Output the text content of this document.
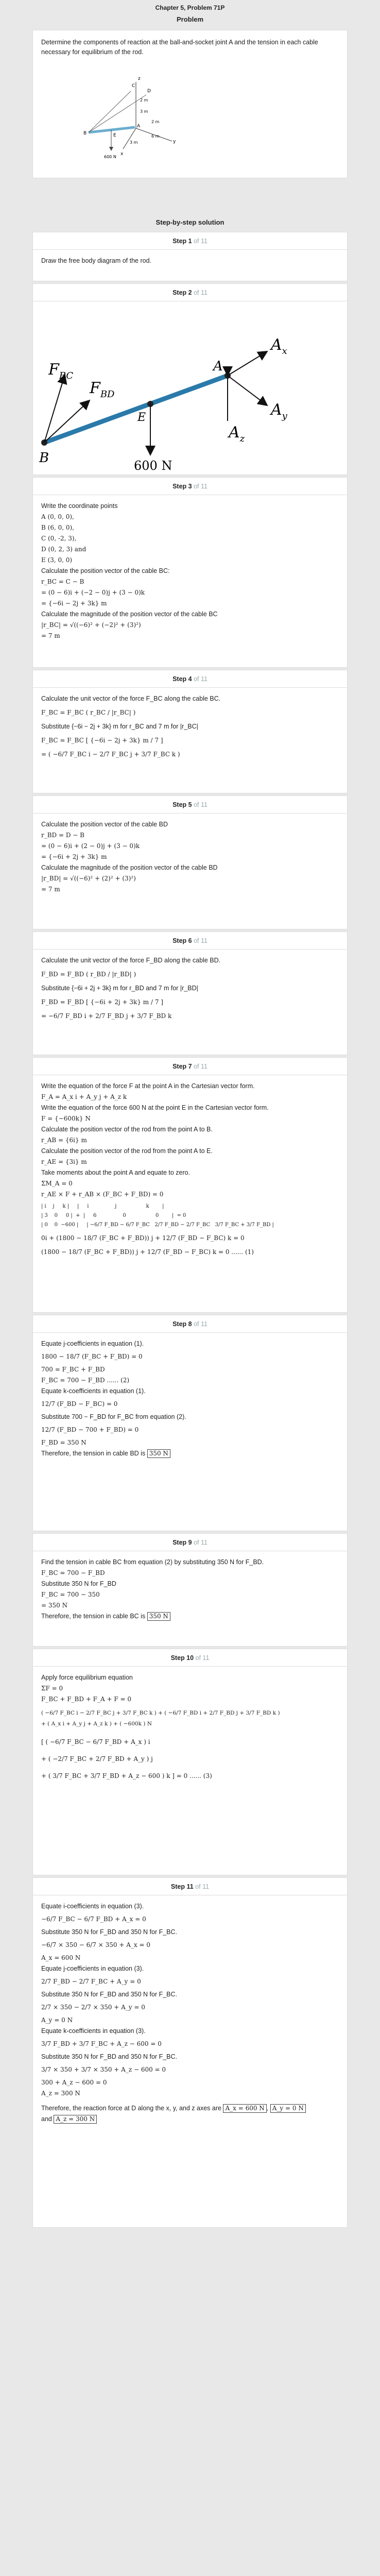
Chapter 5, Problem 71P
Problem

Determine the components of reaction at the ball-and-socket joint A and the tension in each cable necessary for equilibrium of the rod.

C
D
z
y
x
A
B	E
2 m
3 m
6 m
3 m
2 m
600 N
Step-by-step solution
Step 1 of 11

Draw the free body diagram of the rod.

Step 2 of 11
$F_{BC}$
$F_{BD}$
$A_x$
$A_y$
$A_z$
A
B
E
600 N
Step 3 of 11

Write the coordinate points

A (0, 0, 0),

B (6, 0, 0),

C (0, -2, 3),

D (0, 2, 3) and

E (3, 0, 0)

Calculate the position vector of the cable BC:

r_BC = C − B

= (0 − 6)i + (−2 − 0)j + (3 − 0)k

= {−6i − 2j + 3k} m

Calculate the magnitude of the position vector of the cable BC

|r_BC| = √((−6)² + (−2)² + (3)²)

= 7 m

Step 4 of 11

Calculate the unit vector of the force F_BC along the cable BC.

F_BC = F_BC ( r_BC / |r_BC| )

Substitute {−6i − 2j + 3k} m for r_BC and 7 m for |r_BC|

F_BC = F_BC [ {−6i − 2j + 3k} m / 7 ]

= ( −6/7 F_BC i − 2/7 F_BC j + 3/7 F_BC k )

Step 5 of 11

Calculate the position vector of the cable BD

r_BD = D − B

= (0 − 6)i + (2 − 0)j + (3 − 0)k

= {−6i + 2j + 3k} m

Calculate the magnitude of the position vector of the cable BD

|r_BD| = √((−6)² + (2)² + (3)²)

= 7 m

Step 6 of 11

Calculate the unit vector of the force F_BD along the cable BD.

F_BD = F_BD ( r_BD / |r_BD| )

Substitute {−6i + 2j + 3k} m for r_BD and 7 m for |r_BD|

F_BD = F_BD [ {−6i + 2j + 3k} m / 7 ]

= −6/7 F_BD i + 2/7 F_BD j + 3/7 F_BD k

Step 7 of 11

Write the equation of the force F at the point A in the Cartesian vector form.

F_A = A_x i + A_y j + A_z k

Write the equation of the force 600 N at the point E in the Cartesian vector form.

F = {−600k} N

Calculate the position vector of the rod from the point A to B.

r_AB = {6i} m

Calculate the position vector of the rod from the point A to E.

r_AE = {3i} m

Take moments about the point A and equate to zero.

ΣM_A = 0

r_AE × F + r_AB × (F_BC + F_BD) = 0

| i    j     k |     |     i                j                  k        |

| 3    0     0 |  +  |     6                0                  0        |  = 0

| 0    0  −600 |     | −6/7 F_BD − 6/7 F_BC   2/7 F_BD − 2/7 F_BC   3/7 F_BC + 3/7 F_BD |

0i + (1800 − 18/7 (F_BC + F_BD)) j + 12/7 (F_BD − F_BC) k = 0

(1800 − 18/7 (F_BC + F_BD)) j + 12/7 (F_BD − F_BC) k = 0 ...... (1)

Step 8 of 11

Equate j-coefficients in equation (1).

1800 − 18/7 (F_BC + F_BD) = 0

700 = F_BC + F_BD

F_BC = 700 − F_BD ...... (2)

Equate k-coefficients in equation (1).

12/7 (F_BD − F_BC) = 0

Substitute 700 − F_BD for F_BC from equation (2).

12/7 (F_BD − 700 + F_BD) = 0

F_BD = 350 N

Therefore, the tension in cable BD is 350 N

Step 9 of 11

Find the tension in cable BC from equation (2) by substituting 350 N for F_BD.

F_BC = 700 − F_BD

Substitute 350 N for F_BD

F_BC = 700 − 350

= 350 N

Therefore, the tension in cable BC is 350 N

Step 10 of 11

Apply force equilibrium equation

ΣF = 0

F_BC + F_BD + F_A + F = 0

( −6/7 F_BC i − 2/7 F_BC j + 3/7 F_BC k ) + ( −6/7 F_BD i + 2/7 F_BD j + 3/7 F_BD k )

+ ( A_x i + A_y j + A_z k ) + ( −600k ) N

[ ( −6/7 F_BC − 6/7 F_BD + A_x ) i

+ ( −2/7 F_BC + 2/7 F_BD + A_y ) j

+ ( 3/7 F_BC + 3/7 F_BD + A_z − 600 ) k ] = 0 ...... (3)

Step 11 of 11

Equate i-coefficients in equation (3).

−6/7 F_BC − 6/7 F_BD + A_x = 0

Substitute 350 N for F_BD and 350 N for F_BC.

−6/7 × 350 − 6/7 × 350 + A_x = 0

A_x = 600 N

Equate j-coefficients in equation (3).

2/7 F_BD − 2/7 F_BC + A_y = 0

Substitute 350 N for F_BD and 350 N for F_BC.

2/7 × 350 − 2/7 × 350 + A_y = 0

A_y = 0 N

Equate k-coefficients in equation (3).

3/7 F_BD + 3/7 F_BC + A_z − 600 = 0

Substitute 350 N for F_BD and 350 N for F_BC.

3/7 × 350 + 3/7 × 350 + A_z − 600 = 0

300 + A_z − 600 = 0

A_z = 300 N

Therefore, the reaction force at D along the x, y, and z axes are A_x = 600 N , A_y = 0 N

and A_z = 300 N
